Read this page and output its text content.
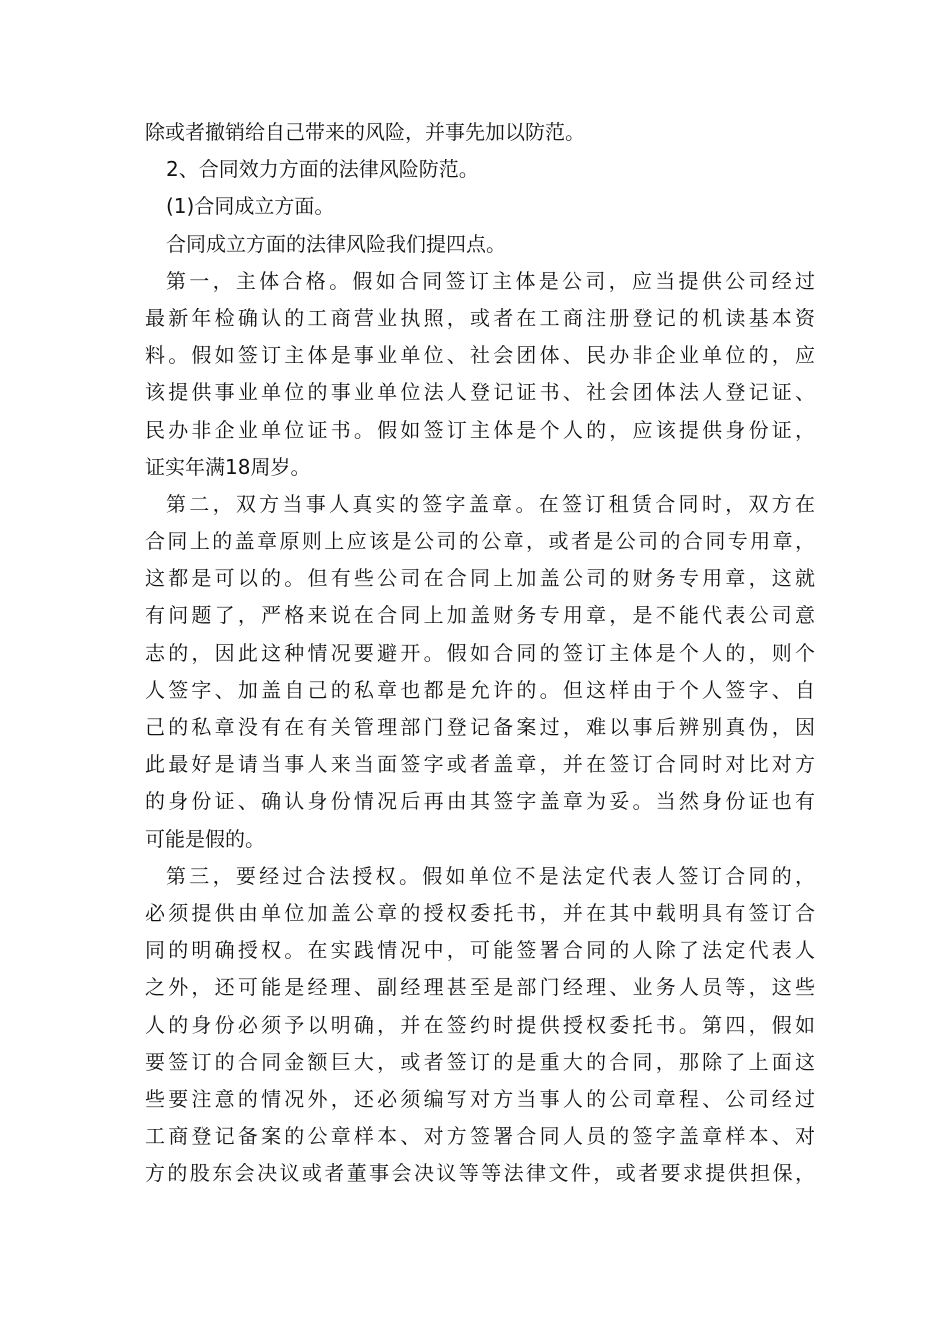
除或者撤销给自己带来的风险，并事先加以防范。
2、合同效力方面的法律风险防范。
(1)合同成立方面。
合同成立方面的法律风险我们提四点。
第一，主体合格。假如合同签订主体是公司，应当提供公司经过
最新年检确认的工商营业执照，或者在工商注册登记的机读基本资
料。假如签订主体是事业单位、社会团体、民办非企业单位的，应
该提供事业单位的事业单位法人登记证书、社会团体法人登记证、
民办非企业单位证书。假如签订主体是个人的，应该提供身份证，
证实年满18周岁。
第二，双方当事人真实的签字盖章。在签订租赁合同时，双方在
合同上的盖章原则上应该是公司的公章，或者是公司的合同专用章，
这都是可以的。但有些公司在合同上加盖公司的财务专用章，这就
有问题了，严格来说在合同上加盖财务专用章，是不能代表公司意
志的，因此这种情况要避开。假如合同的签订主体是个人的，则个
人签字、加盖自己的私章也都是允许的。但这样由于个人签字、自
己的私章没有在有关管理部门登记备案过，难以事后辨别真伪，因
此最好是请当事人来当面签字或者盖章，并在签订合同时对比对方
的身份证、确认身份情况后再由其签字盖章为妥。当然身份证也有
可能是假的。
第三，要经过合法授权。假如单位不是法定代表人签订合同的，
必须提供由单位加盖公章的授权委托书，并在其中载明具有签订合
同的明确授权。在实践情况中，可能签署合同的人除了法定代表人
之外，还可能是经理、副经理甚至是部门经理、业务人员等，这些
人的身份必须予以明确，并在签约时提供授权委托书。第四，假如
要签订的合同金额巨大，或者签订的是重大的合同，那除了上面这
些要注意的情况外，还必须编写对方当事人的公司章程、公司经过
工商登记备案的公章样本、对方签署合同人员的签字盖章样本、对
方的股东会决议或者董事会决议等等法律文件，或者要求提供担保，
